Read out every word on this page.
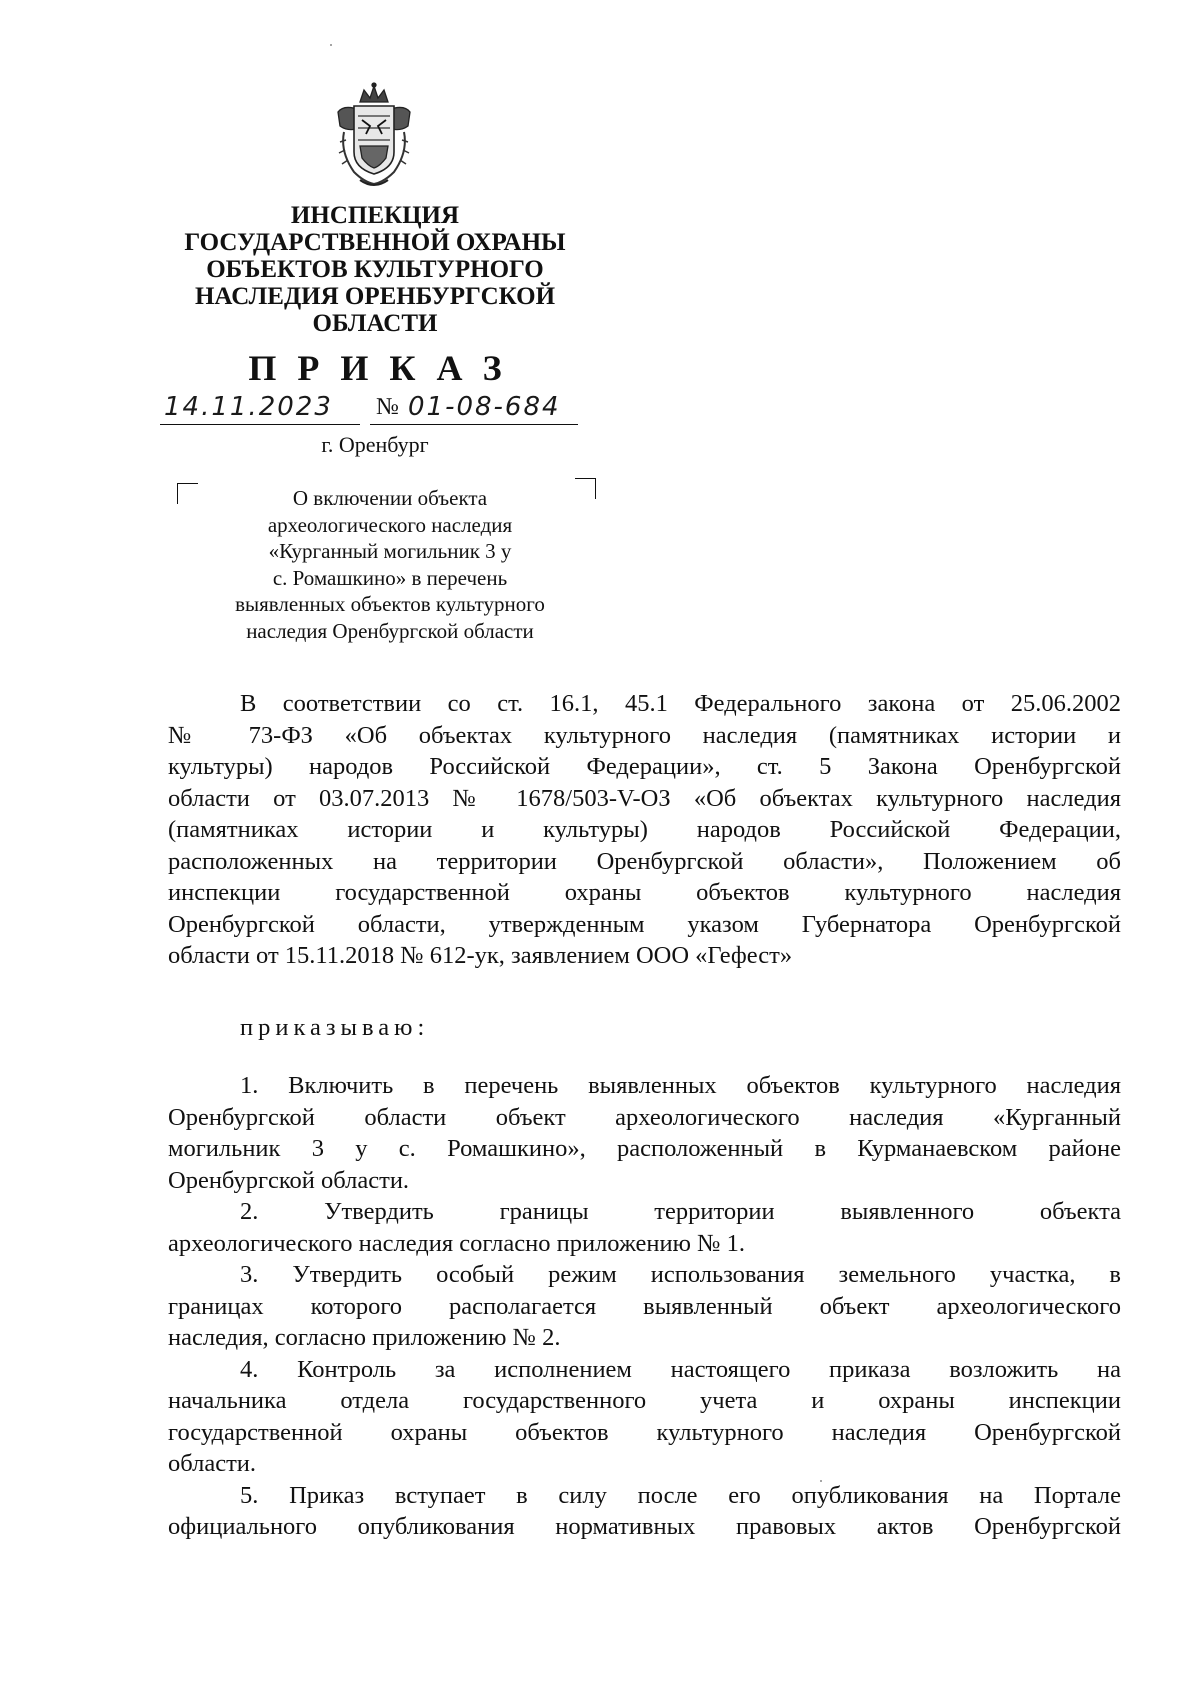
ИНСПЕКЦИЯ
ГОСУДАРСТВЕННОЙ ОХРАНЫ
ОБЪЕКТОВ КУЛЬТУРНОГО
НАСЛЕДИЯ ОРЕНБУРГСКОЙ
ОБЛАСТИ
ПРИКАЗ
14.11.2023 № 01-08-684
г. Оренбург
О включении объекта
археологического наследия
«Курганный могильник 3 у
с. Ромашкино» в перечень
выявленных объектов культурного
наследия Оренбургской области
В соответствии со ст. 16.1, 45.1 Федерального закона от 25.06.2002
№ 73-ФЗ «Об объектах культурного наследия (памятниках истории и
культуры) народов Российской Федерации», ст. 5 Закона Оренбургской
области от 03.07.2013 № 1678/503-V-ОЗ «Об объектах культурного наследия
(памятниках истории и культуры) народов Российской Федерации,
расположенных на территории Оренбургской области», Положением об
инспекции государственной охраны объектов культурного наследия
Оренбургской области, утвержденным указом Губернатора Оренбургской
области от 15.11.2018 № 612-ук, заявлением ООО «Гефест»
приказываю:
1. Включить в перечень выявленных объектов культурного наследия
Оренбургской области объект археологического наследия «Курганный
могильник 3 у с. Ромашкино», расположенный в Курманаевском районе
Оренбургской области.
2. Утвердить границы территории выявленного объекта
археологического наследия согласно приложению № 1.
3. Утвердить особый режим использования земельного участка, в
границах которого располагается выявленный объект археологического
наследия, согласно приложению № 2.
4. Контроль за исполнением настоящего приказа возложить на
начальника отдела государственного учета и охраны инспекции
государственной охраны объектов культурного наследия Оренбургской
области.
5. Приказ вступает в силу после его опубликования на Портале
официального опубликования нормативных правовых актов Оренбургской
